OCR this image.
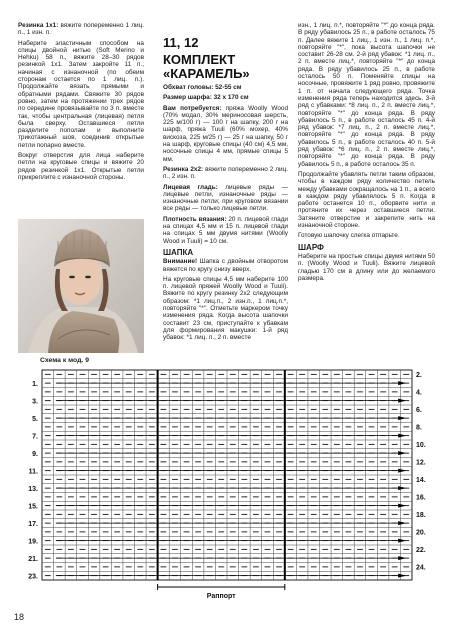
Резинка 1х1: вяжите попеременно 1 лиц. п., 1 изн. п.

Наберите эластичным способом на спицы двойной нитью (Soft Merino и Hehku) 58 п., вяжите 28–30 рядов резинкой 1х1. Затем закройте 11 п., начиная с изнаночной (по обеим сторонам остается по 1 лиц. п.). Продолжайте вязать прямыми и обратными рядами. Свяжите 30 рядов ровно, затем на протяжении трех рядов по середине провязывайте по 3 п. вместе так, чтобы центральная (лицевая) петля была сверху. Оставшиеся петли разделите пополам и выполните трикотажный шов, соединив открытые петли попарно вместе.

Вокруг отверстия для лица наберите петли на круговые спицы и вяжите 20 рядов резинкой 1х1. Открытые петли прикреплите с изнаночной стороны.

11, 12
КОМПЛЕКТ «КАРАМЕЛЬ»

Обхват головы: 52-55 см

Размер шарфа: 32 x 170 см

Вам потребуется: пряжа Woolly Wood (70% модал, 30% мериносовая шерсть, 225 м/100 г) — 100 г на шапку, 200 г на шарф, пряжа Tuuli (60% мохер, 40% вискоза, 225 м/25 г) — 25 г на шапку, 50 г на шарф, круговые спицы (40 см) 4,5 мм, носочные спицы 4 мм, прямые спицы 5 мм.

Резинка 2х2: вяжите попеременно 2 лиц. п., 2 изн. п.

Лицевая гладь: лицевые ряды — лицевые петли, изнаночные ряды — изнаночные петли; при круговом вязании все ряды — только лицевые петли.

Плотность вязания: 20 п. лицевой глади на спицах 4,5 мм и 15 п. лицевой глади на спицах 5 мм двумя нитями (Woolly Wood и Tuuli) = 10 см.

ШАПКА

Внимание! Шапка с двойным отворотом вяжется по кругу снизу вверх.

На круговые спицы 4,5 мм наберите 100 п. лицевой пряжей Woolly Wood и Tuuli). Вяжите по кругу резинку 2x2 следующим образом: *1 лиц.п., 2 изн.п., 1 лиц.п.*, повторяйте "*". Отметьте маркером точку изменения ряда. Когда высота шапочки составит 23 см, приступайте к убавкам для формирования макушки: 1-й ряд убавок: *1 лиц. п., 2 п. вместе

изн., 1 лиц. п.*, повторяйте "*" до конца ряда. В ряду убавилось 25 п., в работе осталось 75 п. Далее вяжите 1 лиц., 1 изн. п., 1 лиц. п.*, повторяйте "*", пока высота шапочки не составит 26-28 см. 2-й ряд убавок: *1 лиц. п., 2 п. вместе лиц.*, повторяйте "*" до конца ряда. В ряду убавилось 25 п., в работе осталось 50 п. Поменяйте спицы на носочные, провяжите 1 ряд ровно, провяжите 1 п. от начала следующего ряда. Точка изменения ряда теперь находится здесь. 3-й ряд с убавками: *8 лиц. п., 2 п. вместе лиц.*, повторяйте "*" до конца ряда. В ряду убавилось 5 п., в работе осталось 45 п. 4-й ряд убавок: *7 лиц. п., 2 п. вместе лиц.*, повторяйте "*" до конца ряда. В ряду убавилось 5 п., в работе осталось 40 п. 5-й ряд убавок: *6 лиц. п., 2 п. вместе лиц.*, повторяйте "*" до конца ряда. В ряду убавилось 5 п., в работе осталось 35 п.

Продолжайте убавлять петли таким образом, чтобы в каждом ряду количество петель между убавками сокращалось на 1 п., а всего в каждом ряду убавлялось 5 п. Когда в работе останется 10 п., оборвите нити и протяните их через оставшиеся петли. Затяните отверстие и закрепите нить на изнаночной стороне.

Готовую шапочку слегка отпарьте.

ШАРФ

Наберите на простые спицы двумя нитями 50 п. (Woolly Wood и Tuuli). Вяжите лицевой гладью 170 см в длину или до желаемого размера.

Схема к мод. 9
23.
21.
19.
17.
15.
13.
11.
9.
7.
5.
3.
1.
24.
22.
20.
18.
16.
14.
12.
10.
8.
6.
4.
2.
Раппорт
18
